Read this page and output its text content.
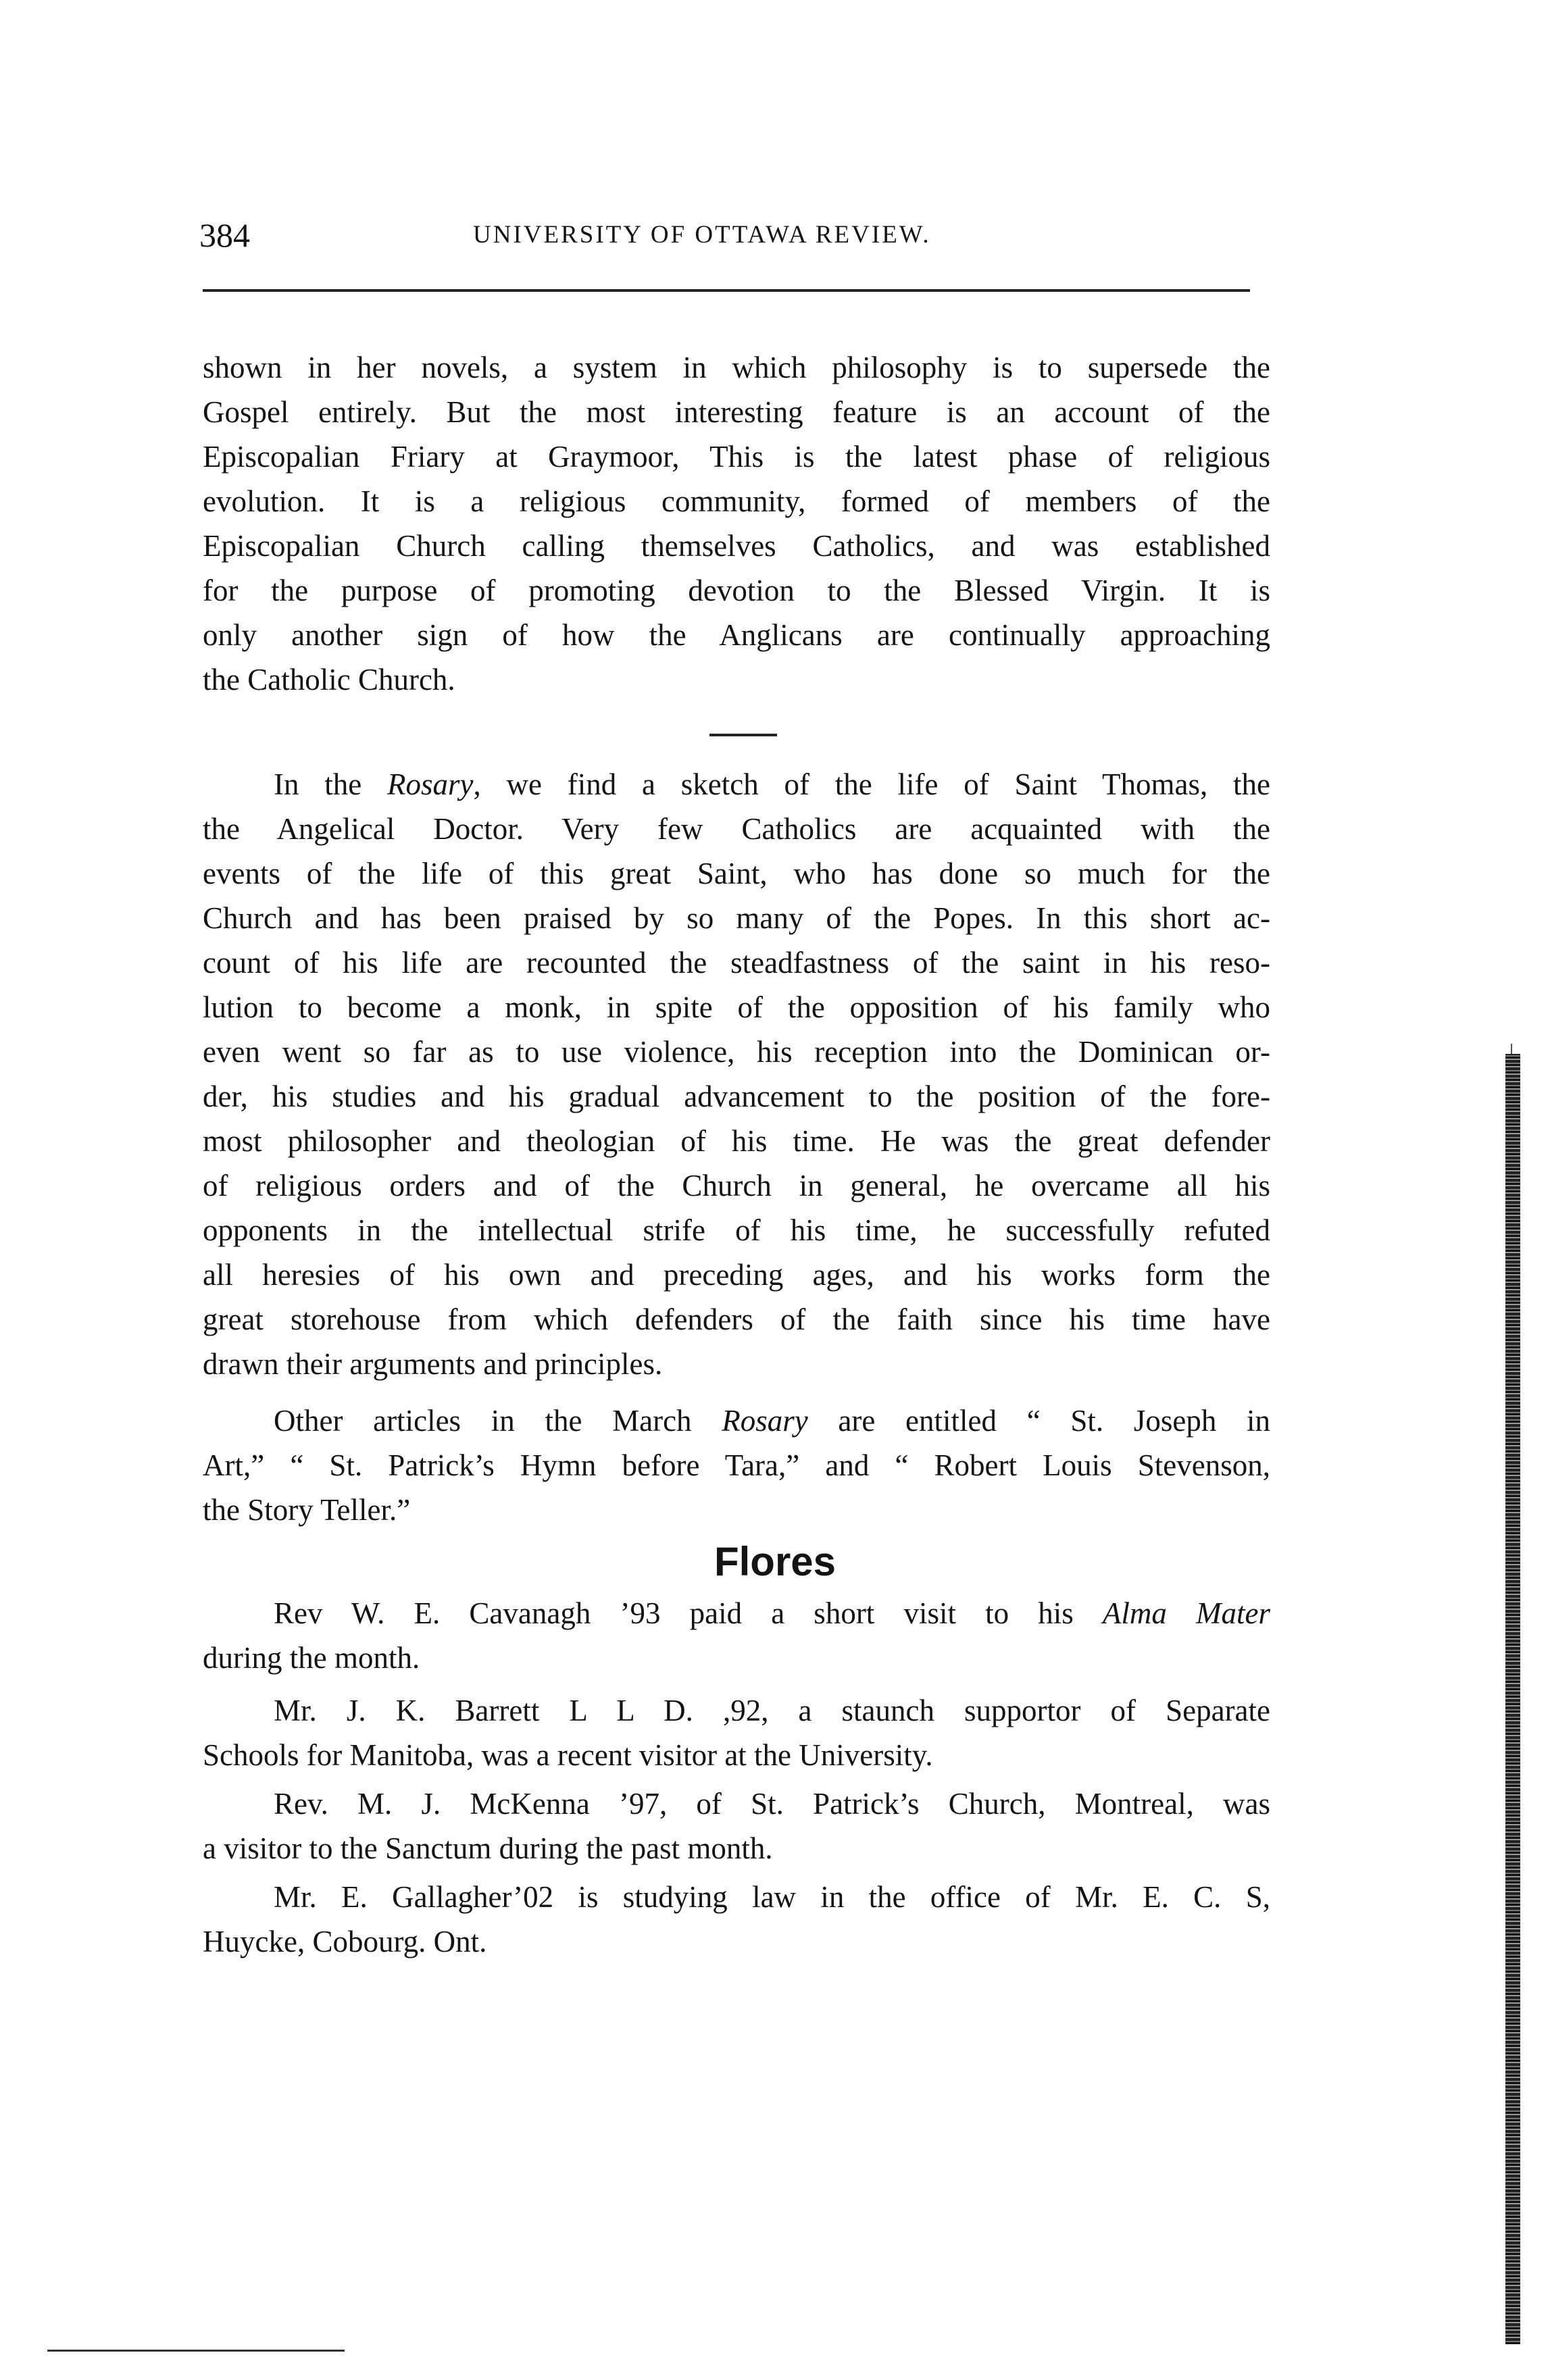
384	UNIVERSITY OF OTTAWA REVIEW.
shown in her novels, a system in which philosophy is to supersede the
Gospel entirely. But the most interesting feature is an account of the
Episcopalian Friary at Graymoor, This is the latest phase of religious
evolution. It is a religious community, formed of members of the
Episcopalian Church calling themselves Catholics, and was established
for the purpose of promoting devotion to the Blessed Virgin. It is
only another sign of how the Anglicans are continually approaching
the Catholic Church.
In the Rosary, we find a sketch of the life of Saint Thomas, the
the Angelical Doctor. Very few Catholics are acquainted with the
events of the life of this great Saint, who has done so much for the
Church and has been praised by so many of the Popes. In this short ac-
count of his life are recounted the steadfastness of the saint in his reso-
lution to become a monk, in spite of the opposition of his family who
even went so far as to use violence, his reception into the Dominican or-
der, his studies and his gradual advancement to the position of the fore-
most philosopher and theologian of his time. He was the great defender
of religious orders and of the Church in general, he overcame all his
opponents in the intellectual strife of his time, he successfully refuted
all heresies of his own and preceding ages, and his works form the
great storehouse from which defenders of the faith since his time have
drawn their arguments and principles.
Other articles in the March Rosary are entitled “ St. Joseph in
Art,” “ St. Patrick’s Hymn before Tara,” and “ Robert Louis Stevenson,
the Story Teller.”
Flores
Rev W. E. Cavanagh ’93 paid a short visit to his Alma Mater
during the month.
Mr. J. K. Barrett L L D. ,92, a staunch supportor of Separate
Schools for Manitoba, was a recent visitor at the University.
Rev. M. J. McKenna ’97, of St. Patrick’s Church, Montreal, was
a visitor to the Sanctum during the past month.
Mr. E. Gallagher’02 is studying law in the office of Mr. E. C. S,
Huycke, Cobourg. Ont.
